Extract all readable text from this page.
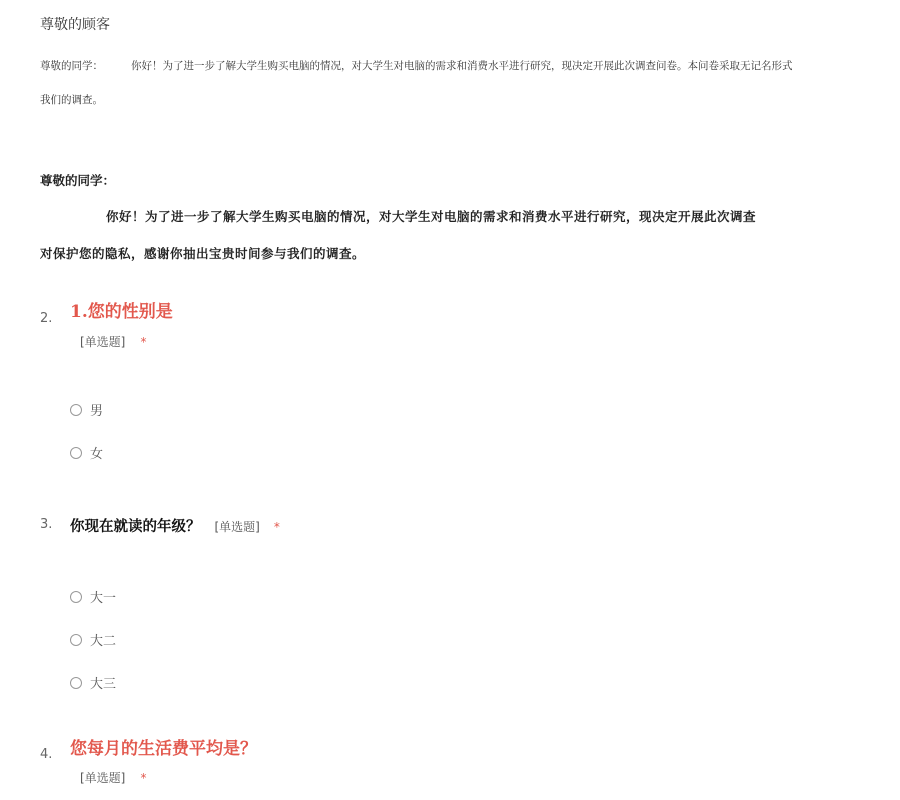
尊敬的顾客
尊敬的同学：	你好！为了进一步了解大学生购买电脑的情况，对大学生对电脑的需求和消费水平进行研究，现决定开展此次调查问卷。本问卷采取无记名形式
我们的调查。
尊敬的同学：
你好！为了进一步了解大学生购买电脑的情况，对大学生对电脑的需求和消费水平进行研究，现决定开展此次调查
对保护您的隐私，感谢你抽出宝贵时间参与我们的调查。
2. 1.您的性别是
[单选题] *
男
女
3. 你现在就读的年级？ [单选题] *
大一
大二
大三
4. 您每月的生活费平均是？
[单选题] *
